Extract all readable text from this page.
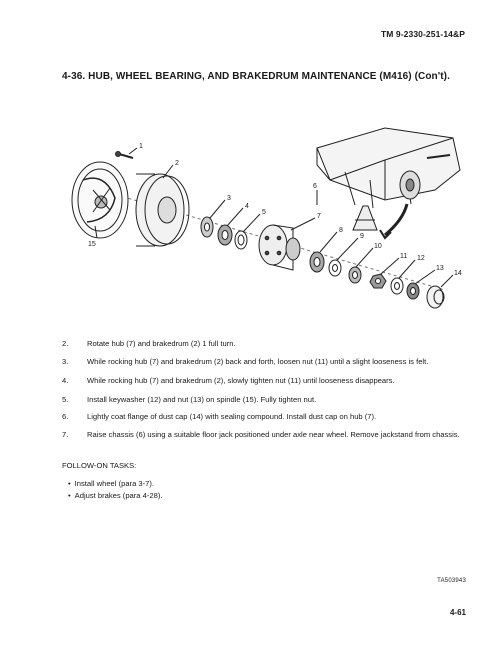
TM 9-2330-251-14&P
4-36. HUB, WHEEL BEARING, AND BRAKEDRUM MAINTENANCE (M416) (Con't).
1
2
3
4
5
6
7
8
9
10
11 12
13
14
15
2. Rotate hub (7) and brakedrum (2) 1 full turn.
3. While rocking hub (7) and brakedrum (2) back and forth, loosen nut (11) until a slight looseness is felt.
4. While rocking hub (7) and brakedrum (2), slowly tighten nut (11) until looseness disappears.
5. Install keywasher (12) and nut (13) on spindle (15). Fully tighten nut.
6. Lightly coat flange of dust cap (14) with sealing compound. Install dust cap on hub (7).
7. Raise chassis (6) using a suitable floor jack positioned under axle near wheel. Remove jackstand from chassis.
FOLLOW-ON TASKS:
• Install wheel (para 3-7).
• Adjust brakes (para 4-28).
TA503943
4-61
